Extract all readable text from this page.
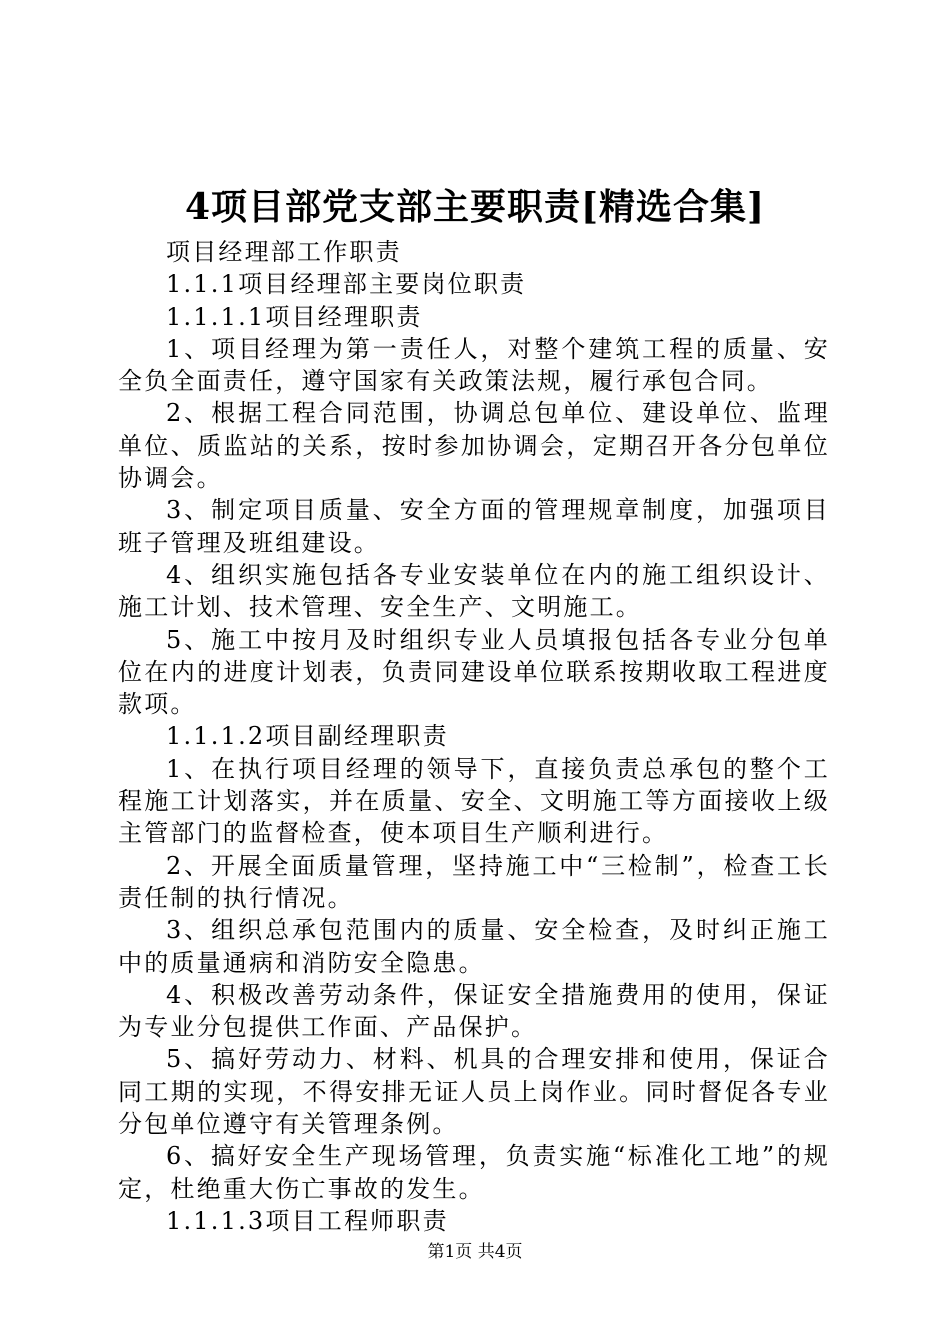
4项目部党支部主要职责[精选合集]

项目经理部工作职责

1.1.1项目经理部主要岗位职责

1.1.1.1项目经理职责

1、项目经理为第一责任人，对整个建筑工程的质量、安全负全面责任，遵守国家有关政策法规，履行承包合同。

2、根据工程合同范围，协调总包单位、建设单位、监理单位、质监站的关系，按时参加协调会，定期召开各分包单位协调会。

3、制定项目质量、安全方面的管理规章制度，加强项目班子管理及班组建设。

4、组织实施包括各专业安装单位在内的施工组织设计、施工计划、技术管理、安全生产、文明施工。

5、施工中按月及时组织专业人员填报包括各专业分包单位在内的进度计划表，负责同建设单位联系按期收取工程进度款项。

1.1.1.2项目副经理职责

1、在执行项目经理的领导下，直接负责总承包的整个工程施工计划落实，并在质量、安全、文明施工等方面接收上级主管部门的监督检查，使本项目生产顺利进行。

2、开展全面质量管理，坚持施工中“三检制”，检查工长责任制的执行情况。

3、组织总承包范围内的质量、安全检查，及时纠正施工中的质量通病和消防安全隐患。

4、积极改善劳动条件，保证安全措施费用的使用，保证为专业分包提供工作面、产品保护。

5、搞好劳动力、材料、机具的合理安排和使用，保证合同工期的实现，不得安排无证人员上岗作业。同时督促各专业分包单位遵守有关管理条例。

6、搞好安全生产现场管理，负责实施“标准化工地”的规定，杜绝重大伤亡事故的发生。

1.1.1.3项目工程师职责

第1页 共4页
